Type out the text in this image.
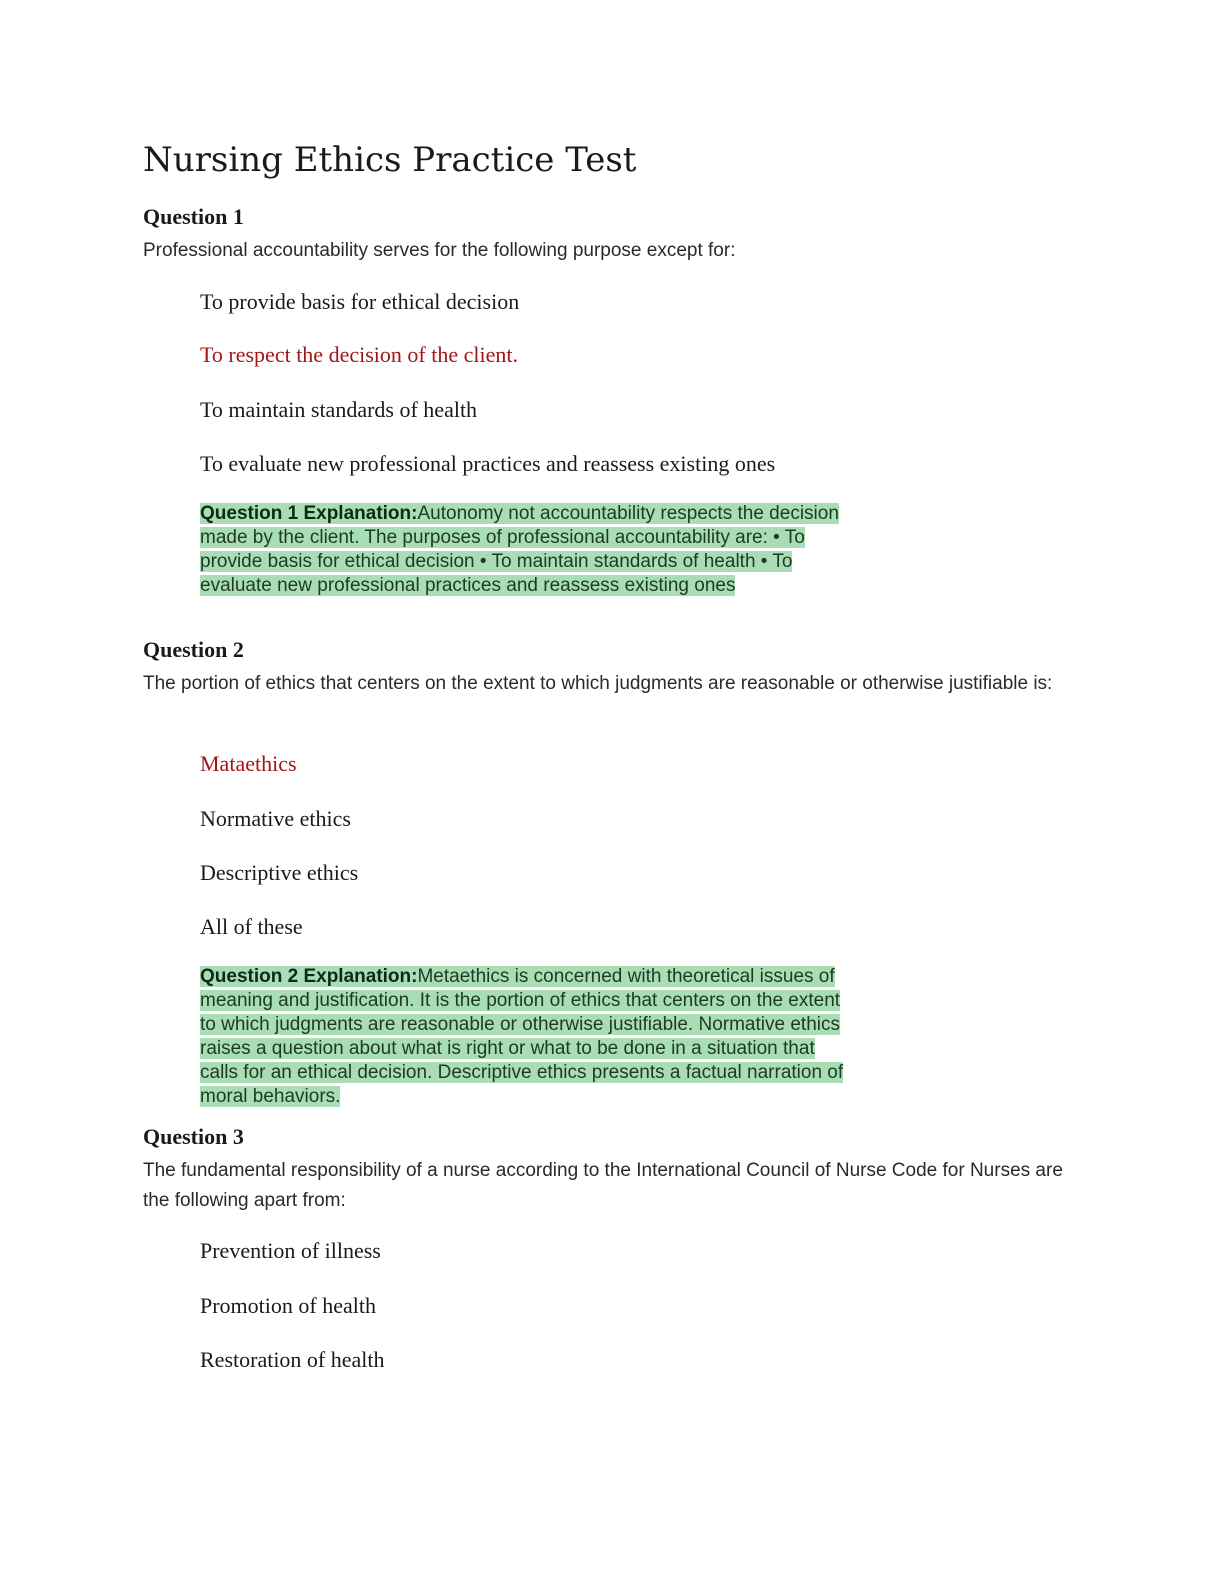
Nursing Ethics Practice Test
Question 1
Professional accountability serves for the following purpose except for:
To provide basis for ethical decision
To respect the decision of the client.
To maintain standards of health
To evaluate new professional practices and reassess existing ones
Question 1 Explanation:Autonomy not accountability respects the decision made by the client. The purposes of professional accountability are: • To provide basis for ethical decision • To maintain standards of health • To evaluate new professional practices and reassess existing ones
Question 2
The portion of ethics that centers on the extent to which judgments are reasonable or otherwise justifiable is:
Mataethics
Normative ethics
Descriptive ethics
All of these
Question 2 Explanation:Metaethics is concerned with theoretical issues of meaning and justification. It is the portion of ethics that centers on the extent to which judgments are reasonable or otherwise justifiable. Normative ethics raises a question about what is right or what to be done in a situation that calls for an ethical decision. Descriptive ethics presents a factual narration of moral behaviors.
Question 3
The fundamental responsibility of a nurse according to the International Council of Nurse Code for Nurses are the following apart from:
Prevention of illness
Promotion of health
Restoration of health
